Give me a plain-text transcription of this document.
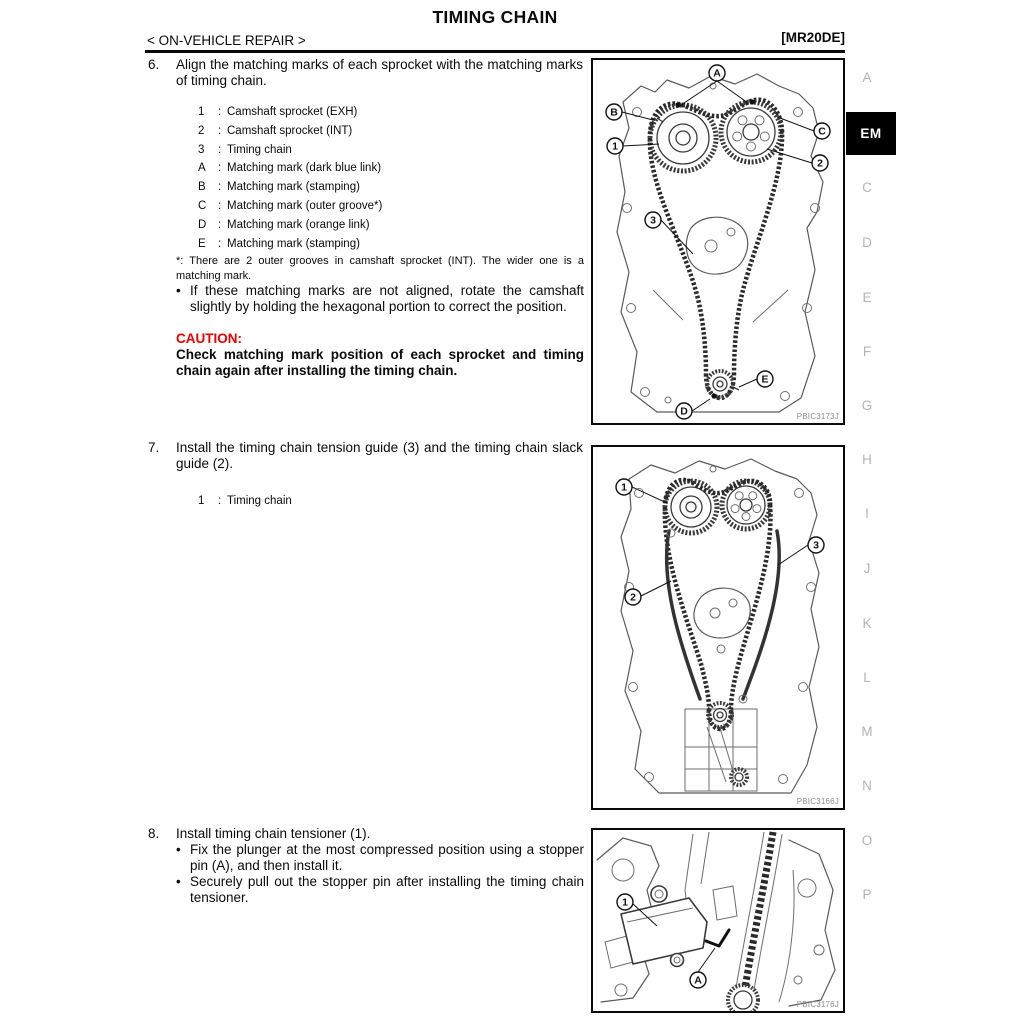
TIMING CHAIN
< ON-VEHICLE REPAIR >	[MR20DE]
6. Align the matching marks of each sprocket with the matching marks of timing chain.
1 : Camshaft sprocket (EXH)
2 : Camshaft sprocket (INT)
3 : Timing chain
A : Matching mark (dark blue link)
B : Matching mark (stamping)
C : Matching mark (outer groove*)
D : Matching mark (orange link)
E : Matching mark (stamping)
*: There are 2 outer grooves in camshaft sprocket (INT). The wider one is a matching mark.
• If these matching marks are not aligned, rotate the camshaft slightly by holding the hexagonal portion to correct the position.
CAUTION:
Check matching mark position of each sprocket and timing chain again after installing the timing chain.
7. Install the timing chain tension guide (3) and the timing chain slack guide (2).
1 : Timing chain
8. Install timing chain tensioner (1).
• Fix the plunger at the most compressed position using a stopper pin (A), and then install it.
• Securely pull out the stopper pin after installing the timing chain tensioner.
A
B
C
1
2
3
E
D	PBIC3173J
1
3
2
PBIC3166J
1
A
PBIC3176J
A
EM
C
D
E
F
G
H
I
J
K
L
M
N
O
P
